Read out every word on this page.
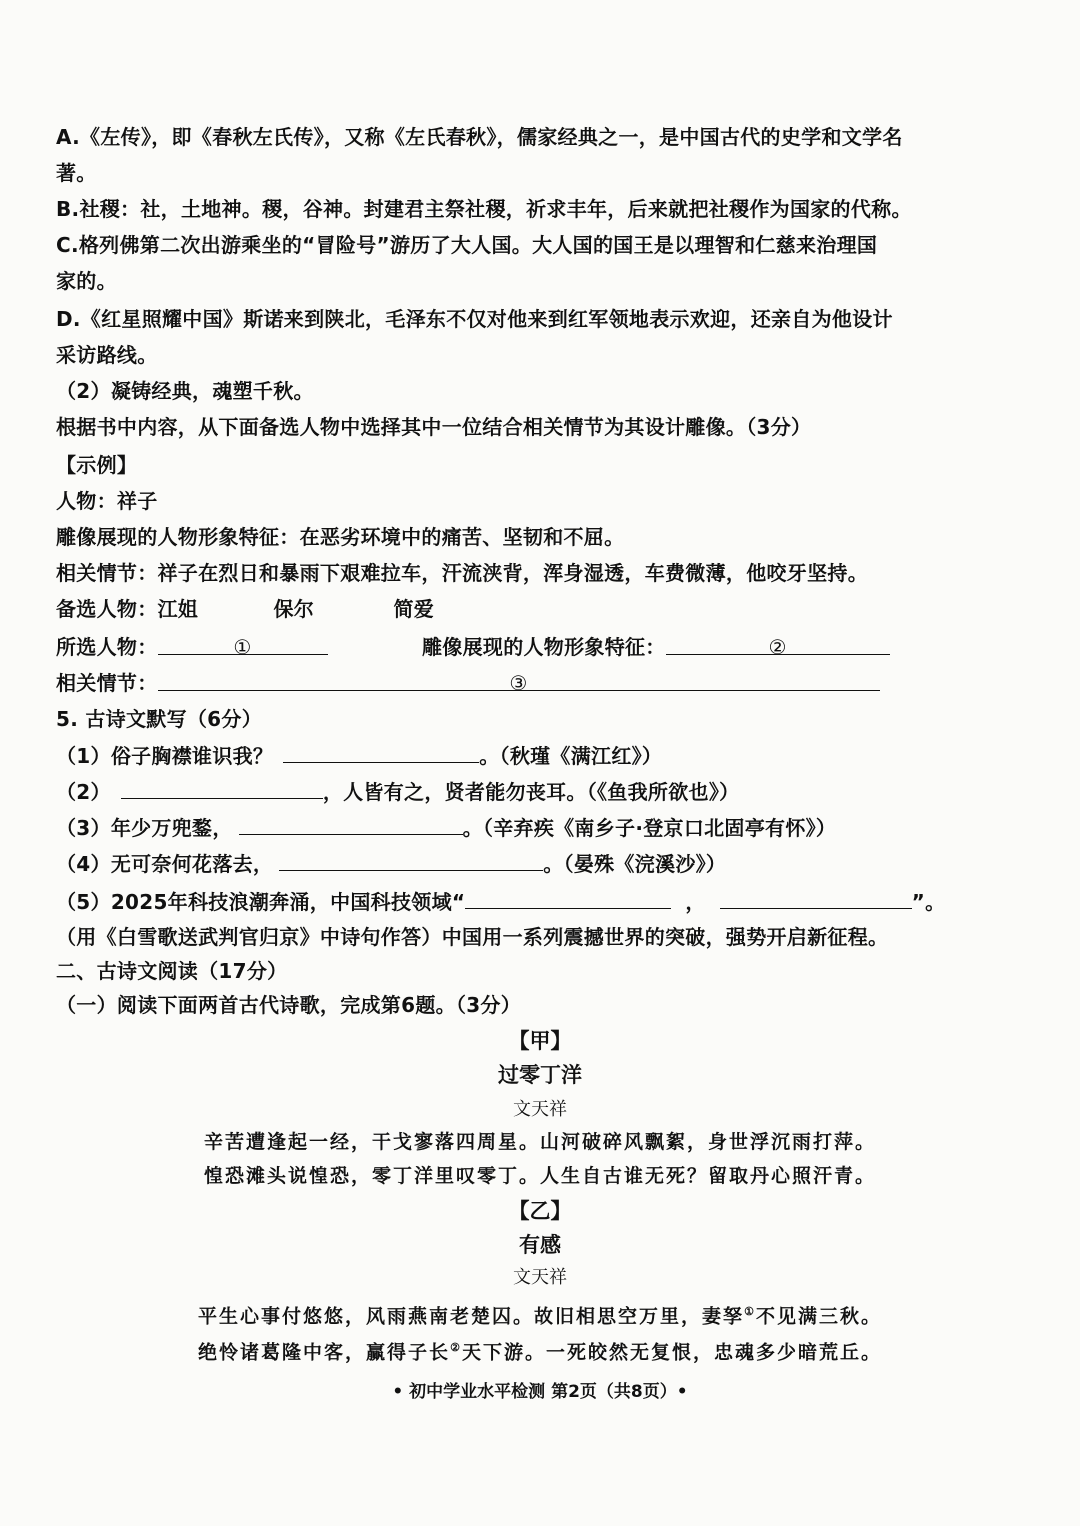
A.《左传》，即《春秋左氏传》，又称《左氏春秋》，儒家经典之一，是中国古代的史学和文学名
著。
B.社稷：社，土地神。稷，谷神。封建君主祭社稷，祈求丰年，后来就把社稷作为国家的代称。
C.格列佛第二次出游乘坐的“冒险号”游历了大人国。大人国的国王是以理智和仁慈来治理国
家的。
D.《红星照耀中国》斯诺来到陕北，毛泽东不仅对他来到红军领地表示欢迎，还亲自为他设计
采访路线。
（2）凝铸经典，魂塑千秋。
根据书中内容，从下面备选人物中选择其中一位结合相关情节为其设计雕像。（3分）
【示例】
人物：祥子
雕像展现的人物形象特征：在恶劣环境中的痛苦、坚韧和不屈。
相关情节：祥子在烈日和暴雨下艰难拉车，汗流浃背，浑身湿透，车费微薄，他咬牙坚持。
备选人物：江姐	保尔	简爱
所选人物：	①	雕像展现的人物形象特征：	②
相关情节：	③
5. 古诗文默写（6分）
（1）俗子胸襟谁识我？	。（秋瑾《满江红》）
（2）	，人皆有之，贤者能勿丧耳。（《鱼我所欲也》）
（3）年少万兜鍪，	。（辛弃疾《南乡子·登京口北固亭有怀》）
（4）无可奈何花落去，	。（晏殊《浣溪沙》）
（5）2025年科技浪潮奔涌，中国科技领域“	，	”。
（用《白雪歌送武判官归京》中诗句作答）中国用一系列震撼世界的突破，强势开启新征程。
二、古诗文阅读（17分）
（一）阅读下面两首古代诗歌，完成第6题。（3分）
【甲】
过零丁洋
文天祥
辛苦遭逢起一经，干戈寥落四周星。山河破碎风飘絮，身世浮沉雨打萍。
惶恐滩头说惶恐，零丁洋里叹零丁。人生自古谁无死？留取丹心照汗青。
【乙】
有感
文天祥
平生心事付悠悠，风雨燕南老楚囚。故旧相思空万里，妻孥①不见满三秋。
绝怜诸葛隆中客，赢得子长②天下游。一死皎然无复恨，忠魂多少暗荒丘。
• 初中学业水平检测 第2页（共8页）•
